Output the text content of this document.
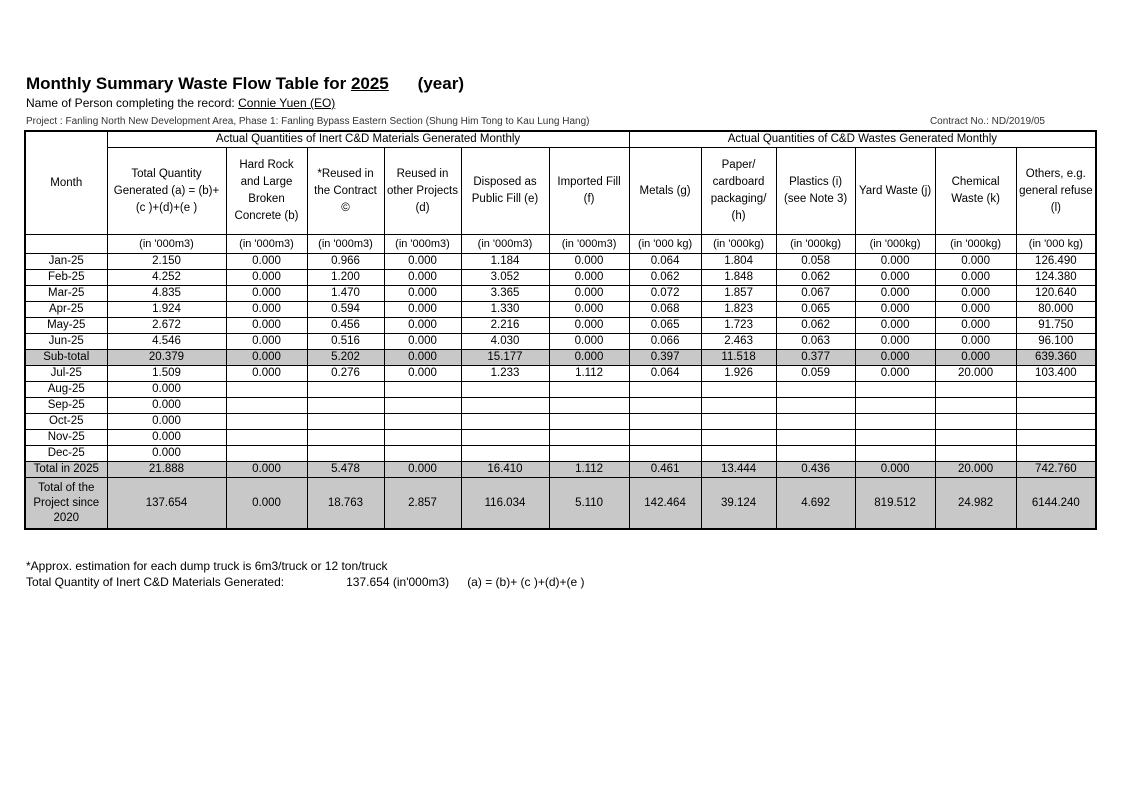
Monthly Summary Waste Flow Table for 2025 (year)
Name of Person completing the record: Connie Yuen (EO)
Project : Fanling North New Development Area, Phase 1: Fanling Bypass Eastern Section (Shung Him Tong to Kau Lung Hang)	Contract No.: ND/2019/05
Month	Actual Quantities of Inert C&D Materials Generated Monthly						Actual Quantities of C&D Wastes Generated Monthly					
	Total Quantity Generated (a) = (b)+ (c )+(d)+(e )	Hard Rock and Large Broken Concrete (b)	*Reused in the Contract ©	Reused in other Projects (d)	Disposed as Public Fill (e)	Imported Fill (f)	Metals (g)	Paper/ cardboard packaging/ (h)	Plastics (i) (see Note 3)	Yard Waste (j)	Chemical Waste (k)	Others, e.g. general refuse (l)
	(in '000m3)	(in '000m3)	(in '000m3)	(in '000m3)	(in '000m3)	(in '000m3)	(in '000 kg)	(in '000kg)	(in '000kg)	(in '000kg)	(in '000kg)	(in '000 kg)
Jan-25	2.150	0.000	0.966	0.000	1.184	0.000	0.064	1.804	0.058	0.000	0.000	126.490
Feb-25	4.252	0.000	1.200	0.000	3.052	0.000	0.062	1.848	0.062	0.000	0.000	124.380
Mar-25	4.835	0.000	1.470	0.000	3.365	0.000	0.072	1.857	0.067	0.000	0.000	120.640
Apr-25	1.924	0.000	0.594	0.000	1.330	0.000	0.068	1.823	0.065	0.000	0.000	80.000
May-25	2.672	0.000	0.456	0.000	2.216	0.000	0.065	1.723	0.062	0.000	0.000	91.750
Jun-25	4.546	0.000	0.516	0.000	4.030	0.000	0.066	2.463	0.063	0.000	0.000	96.100
Sub-total	20.379	0.000	5.202	0.000	15.177	0.000	0.397	11.518	0.377	0.000	0.000	639.360
Jul-25	1.509	0.000	0.276	0.000	1.233	1.112	0.064	1.926	0.059	0.000	20.000	103.400
Aug-25	0.000											
Sep-25	0.000											
Oct-25	0.000											
Nov-25	0.000											
Dec-25	0.000											
Total in 2025	21.888	0.000	5.478	0.000	16.410	1.112	0.461	13.444	0.436	0.000	20.000	742.760
Total of the Project since 2020	137.654	0.000	18.763	2.857	116.034	5.110	142.464	39.124	4.692	819.512	24.982	6144.240
*Approx. estimation for each dump truck is 6m3/truck or 12 ton/truck
Total Quantity of Inert C&D Materials Generated:	137.654 (in'000m3) (a) = (b)+ (c )+(d)+(e )
